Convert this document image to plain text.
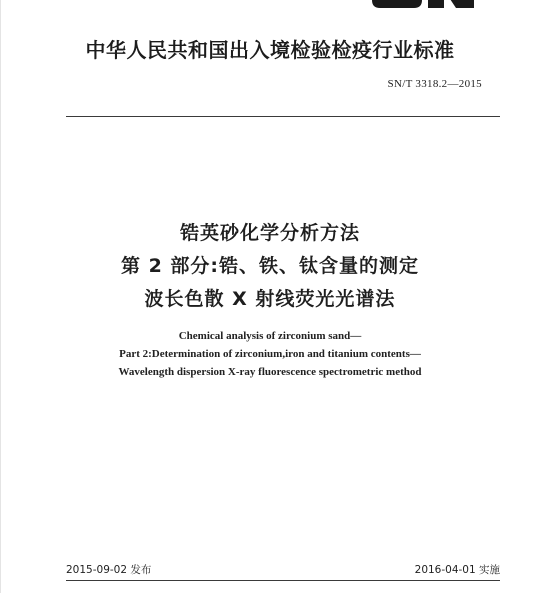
中华人民共和国出入境检验检疫行业标准
SN/T 3318.2—2015
锆英砂化学分析方法
第 2 部分:锆、铁、钛含量的测定
波长色散 X 射线荧光光谱法
Chemical analysis of zirconium sand—
Part 2:Determination of zirconium,iron and titanium contents—
Wavelength dispersion X-ray fluorescence spectrometric method
2015-09-02 发布	2016-04-01 实施
